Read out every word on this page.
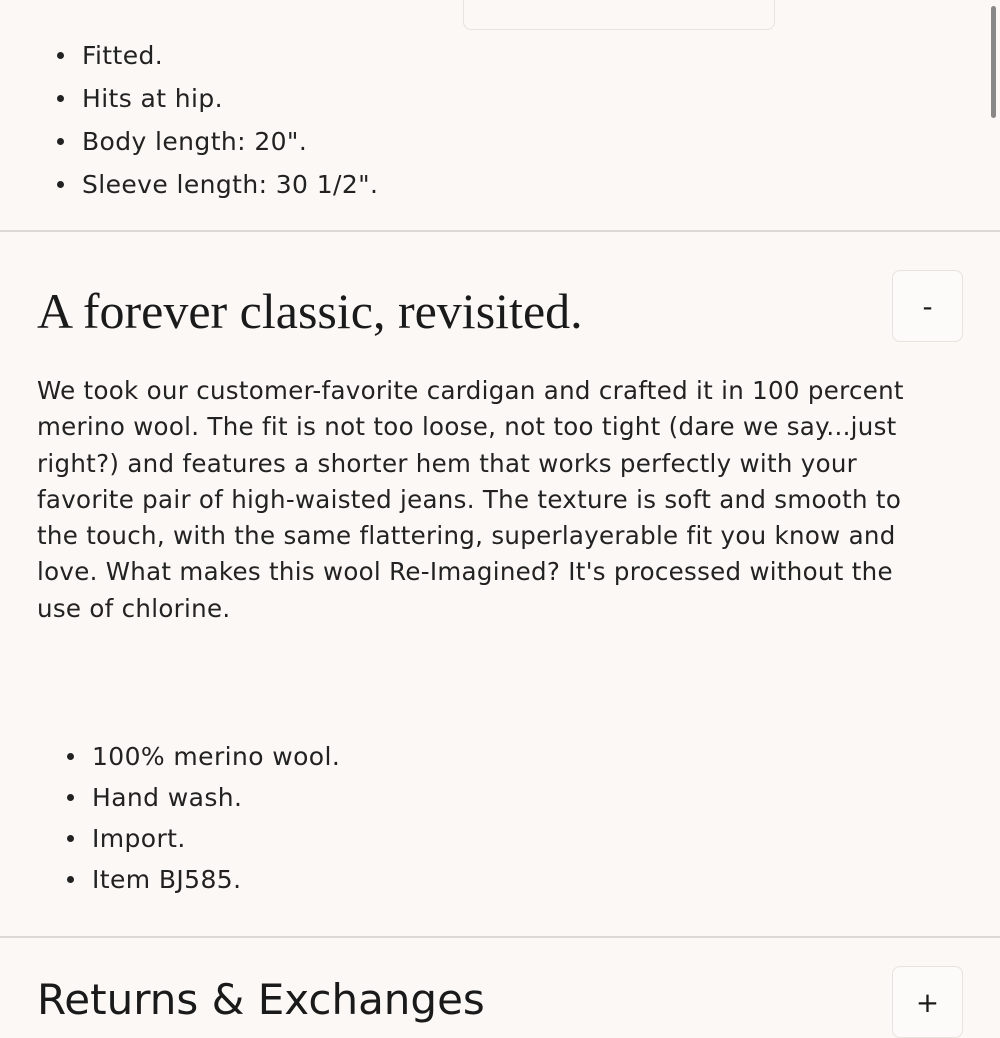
Fitted.
Hits at hip.
Body length: 20".
Sleeve length: 30 1/2".
A forever classic, revisited.	-

We took our customer-favorite cardigan and crafted it in 100 percent merino wool. The fit is not too loose, not too tight (dare we say...just right?) and features a shorter hem that works perfectly with your favorite pair of high-waisted jeans. The texture is soft and smooth to the touch, with the same flattering, superlayerable fit you know and love. What makes this wool Re-Imagined? It's processed without the use of chlorine.

100% merino wool.
Hand wash.
Import.
Item BJ585.
Returns & Exchanges	+
